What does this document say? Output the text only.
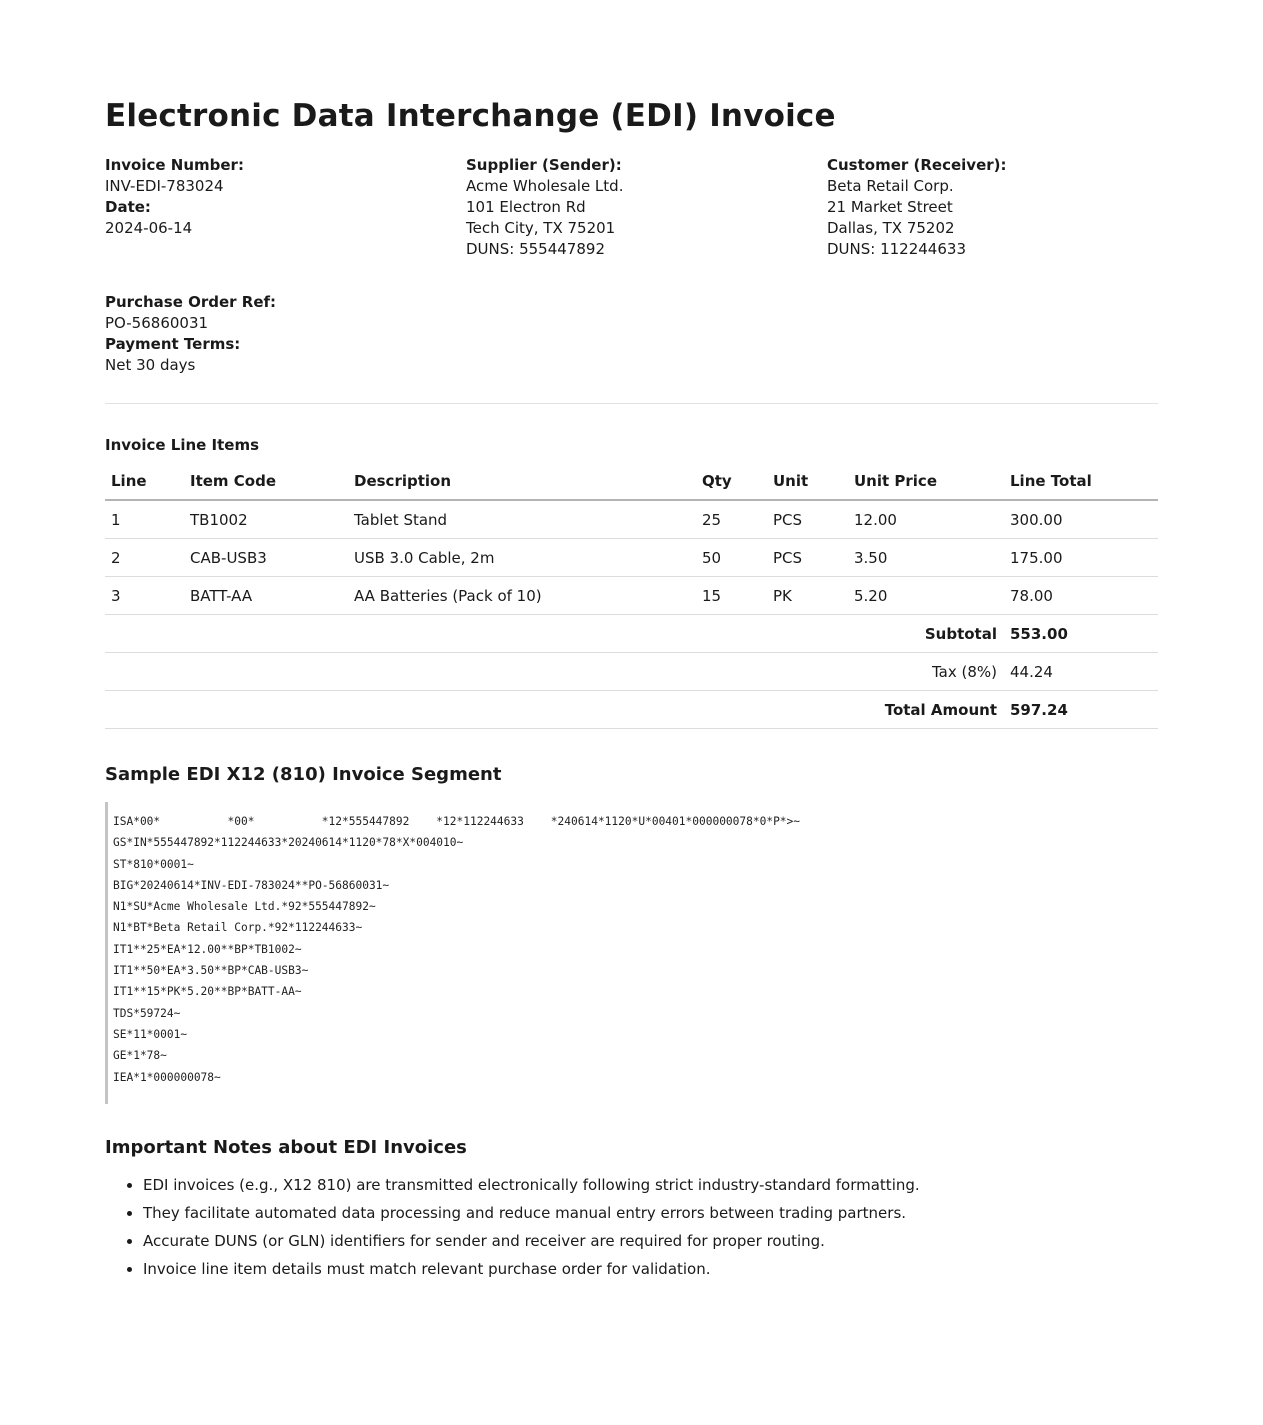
Electronic Data Interchange (EDI) Invoice
Invoice Number:
INV-EDI-783024
Date:
2024-06-14
Supplier (Sender):
Acme Wholesale Ltd.
101 Electron Rd
Tech City, TX 75201
DUNS: 555447892
Customer (Receiver):
Beta Retail Corp.
21 Market Street
Dallas, TX 75202
DUNS: 112244633
Purchase Order Ref:
PO-56860031
Payment Terms:
Net 30 days
Invoice Line Items
Line	Item Code	Description	Qty	Unit	Unit Price	Line Total
1	TB1002	Tablet Stand	25	PCS	12.00	300.00
2	CAB-USB3	USB 3.0 Cable, 2m	50	PCS	3.50	175.00
3	BATT-AA	AA Batteries (Pack of 10)	15	PK	5.20	78.00
Subtotal						553.00
Tax (8%)						44.24
Total Amount						597.24
Sample EDI X12 (810) Invoice Segment
ISA*00*          *00*          *12*555447892    *12*112244633    *240614*1120*U*00401*000000078*0*P*>~
GS*IN*555447892*112244633*20240614*1120*78*X*004010~
ST*810*0001~
BIG*20240614*INV-EDI-783024**PO-56860031~
N1*SU*Acme Wholesale Ltd.*92*555447892~
N1*BT*Beta Retail Corp.*92*112244633~
IT1**25*EA*12.00**BP*TB1002~
IT1**50*EA*3.50**BP*CAB-USB3~
IT1**15*PK*5.20**BP*BATT-AA~
TDS*59724~
SE*11*0001~
GE*1*78~
IEA*1*000000078~
Important Notes about EDI Invoices
• EDI invoices (e.g., X12 810) are transmitted electronically following strict industry-standard formatting.
• They facilitate automated data processing and reduce manual entry errors between trading partners.
• Accurate DUNS (or GLN) identifiers for sender and receiver are required for proper routing.
• Invoice line item details must match relevant purchase order for validation.
